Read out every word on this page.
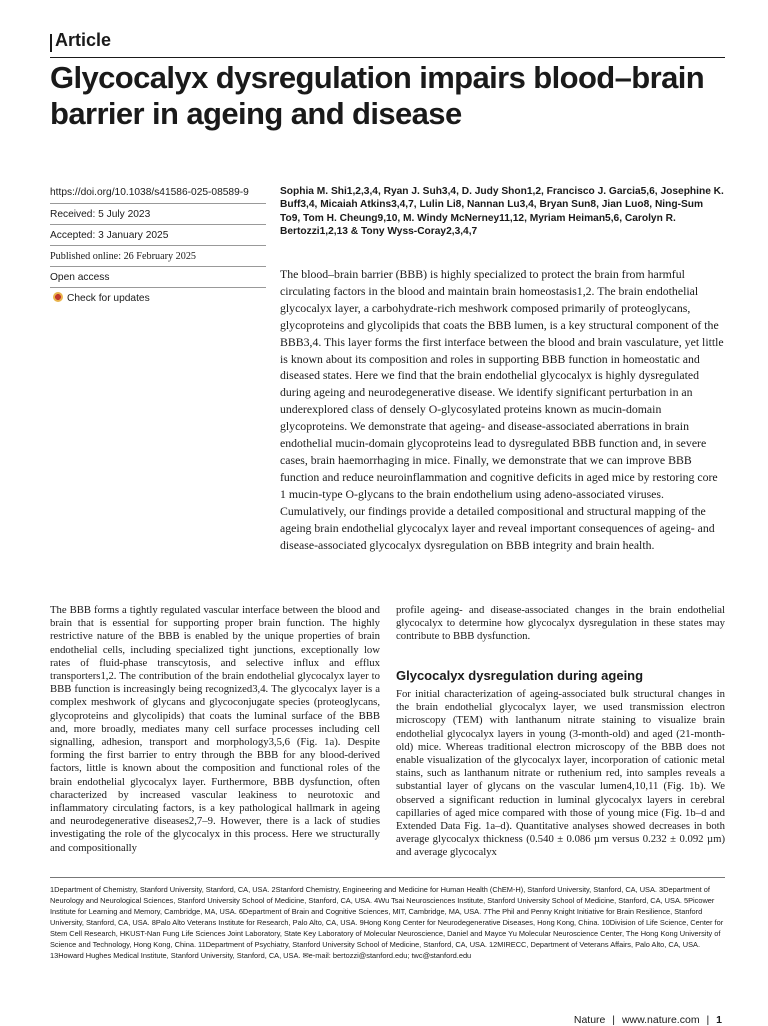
Article
Glycocalyx dysregulation impairs blood–brain barrier in ageing and disease
https://doi.org/10.1038/s41586-025-08589-9
Received: 5 July 2023
Accepted: 3 January 2025
Published online: 26 February 2025
Open access
Check for updates
Sophia M. Shi1,2,3,4, Ryan J. Suh3,4, D. Judy Shon1,2, Francisco J. Garcia5,6, Josephine K. Buff3,4, Micaiah Atkins3,4,7, Lulin Li8, Nannan Lu3,4, Bryan Sun8, Jian Luo8, Ning-Sum To9, Tom H. Cheung9,10, M. Windy McNerney11,12, Myriam Heiman5,6, Carolyn R. Bertozzi1,2,13 & Tony Wyss-Coray2,3,4,7
The blood–brain barrier (BBB) is highly specialized to protect the brain from harmful circulating factors in the blood and maintain brain homeostasis1,2. The brain endothelial glycocalyx layer, a carbohydrate-rich meshwork composed primarily of proteoglycans, glycoproteins and glycolipids that coats the BBB lumen, is a key structural component of the BBB3,4. This layer forms the first interface between the blood and brain vasculature, yet little is known about its composition and roles in supporting BBB function in homeostatic and diseased states. Here we find that the brain endothelial glycocalyx is highly dysregulated during ageing and neurodegenerative disease. We identify significant perturbation in an underexplored class of densely O-glycosylated proteins known as mucin-domain glycoproteins. We demonstrate that ageing- and disease-associated aberrations in brain endothelial mucin-domain glycoproteins lead to dysregulated BBB function and, in severe cases, brain haemorrhaging in mice. Finally, we demonstrate that we can improve BBB function and reduce neuroinflammation and cognitive deficits in aged mice by restoring core 1 mucin-type O-glycans to the brain endothelium using adeno-associated viruses. Cumulatively, our findings provide a detailed compositional and structural mapping of the ageing brain endothelial glycocalyx layer and reveal important consequences of ageing- and disease-associated glycocalyx dysregulation on BBB integrity and brain health.
The BBB forms a tightly regulated vascular interface between the blood and brain that is essential for supporting proper brain function. The highly restrictive nature of the BBB is enabled by the unique properties of brain endothelial cells, including specialized tight junctions, exceptionally low rates of fluid-phase transcytosis, and selective influx and efflux transporters1,2. The contribution of the brain endothelial glycocalyx layer to BBB function is increasingly being recognized3,4. The glycocalyx layer is a complex meshwork of glycans and glycoconjugate species (proteoglycans, glycoproteins and glycolipids) that coats the luminal surface of the BBB and, more broadly, mediates many cell surface processes including cell signalling, adhesion, transport and morphology3,5,6 (Fig. 1a). Despite forming the first barrier to entry through the BBB for any blood-derived factors, little is known about the composition and functional roles of the brain endothelial glycocalyx layer. Furthermore, BBB dysfunction, often characterized by increased vascular leakiness to neurotoxic and inflammatory circulating factors, is a key pathological hallmark in ageing and neurodegenerative diseases2,7–9. However, there is a lack of studies investigating the role of the glycocalyx in this process. Here we structurally and compositionally
profile ageing- and disease-associated changes in the brain endothelial glycocalyx to determine how glycocalyx dysregulation in these states may contribute to BBB dysfunction.
Glycocalyx dysregulation during ageing
For initial characterization of ageing-associated bulk structural changes in the brain endothelial glycocalyx layer, we used transmission electron microscopy (TEM) with lanthanum nitrate staining to visualize brain endothelial glycocalyx layers in young (3-month-old) and aged (21-month-old) mice. Whereas traditional electron microscopy of the BBB does not enable visualization of the glycocalyx layer, incorporation of cationic metal stains, such as lanthanum nitrate or ruthenium red, into samples reveals a substantial layer of glycans on the vascular lumen4,10,11 (Fig. 1b). We observed a significant reduction in luminal glycocalyx layers in cerebral capillaries of aged mice compared with those of young mice (Fig. 1b–d and Extended Data Fig. 1a–d). Quantitative analyses showed decreases in both average glycocalyx thickness (0.540 ± 0.086 µm versus 0.232 ± 0.092 µm) and average glycocalyx
1Department of Chemistry, Stanford University, Stanford, CA, USA. 2Stanford Chemistry, Engineering and Medicine for Human Health (ChEM-H), Stanford University, Stanford, CA, USA. 3Department of Neurology and Neurological Sciences, Stanford University School of Medicine, Stanford, CA, USA. 4Wu Tsai Neurosciences Institute, Stanford University School of Medicine, Stanford, CA, USA. 5Picower Institute for Learning and Memory, Cambridge, MA, USA. 6Department of Brain and Cognitive Sciences, MIT, Cambridge, MA, USA. 7The Phil and Penny Knight Initiative for Brain Resilience, Stanford University, Stanford, CA, USA. 8Palo Alto Veterans Institute for Research, Palo Alto, CA, USA. 9Hong Kong Center for Neurodegenerative Diseases, Hong Kong, China. 10Division of Life Science, Center for Stem Cell Research, HKUST-Nan Fung Life Sciences Joint Laboratory, State Key Laboratory of Molecular Neuroscience, Daniel and Mayce Yu Molecular Neuroscience Center, The Hong Kong University of Science and Technology, Hong Kong, China. 11Department of Psychiatry, Stanford University School of Medicine, Stanford, CA, USA. 12MIRECC, Department of Veterans Affairs, Palo Alto, CA, USA. 13Howard Hughes Medical Institute, Stanford University, Stanford, CA, USA. ✉e-mail: bertozzi@stanford.edu; twc@stanford.edu
Nature | www.nature.com | 1
